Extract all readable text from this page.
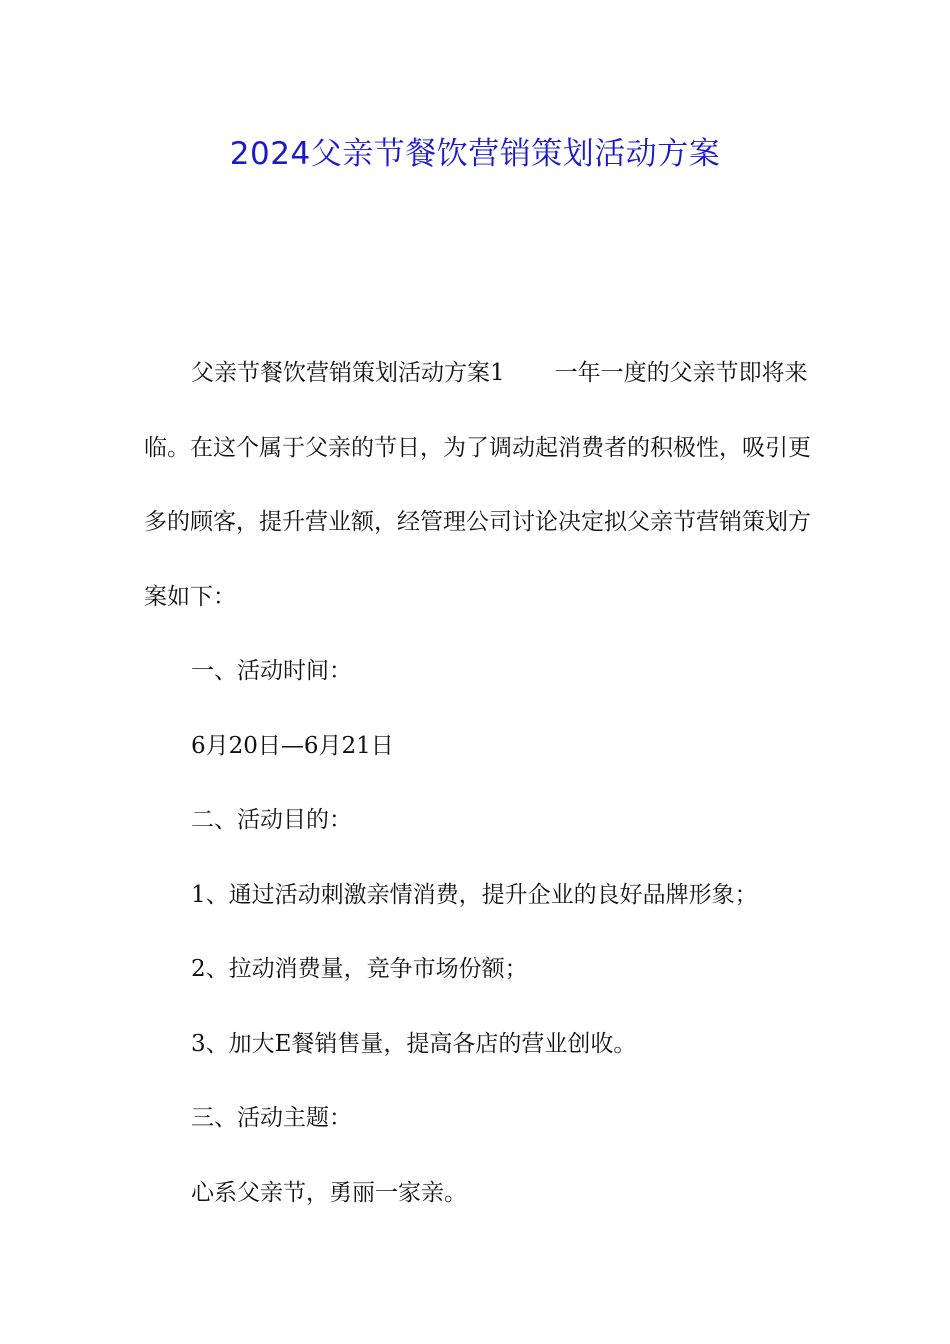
2024父亲节餐饮营销策划活动方案

父亲节餐饮营销策划活动方案1 一年一度的父亲节即将来临。在这个属于父亲的节日，为了调动起消费者的积极性，吸引更多的顾客，提升营业额，经管理公司讨论决定拟父亲节营销策划方案如下：

一、活动时间：

6月20日—6月21日

二、活动目的：

1、通过活动刺激亲情消费，提升企业的良好品牌形象；

2、拉动消费量，竞争市场份额；

3、加大E餐销售量，提高各店的营业创收。

三、活动主题：

心系父亲节，勇丽一家亲。
